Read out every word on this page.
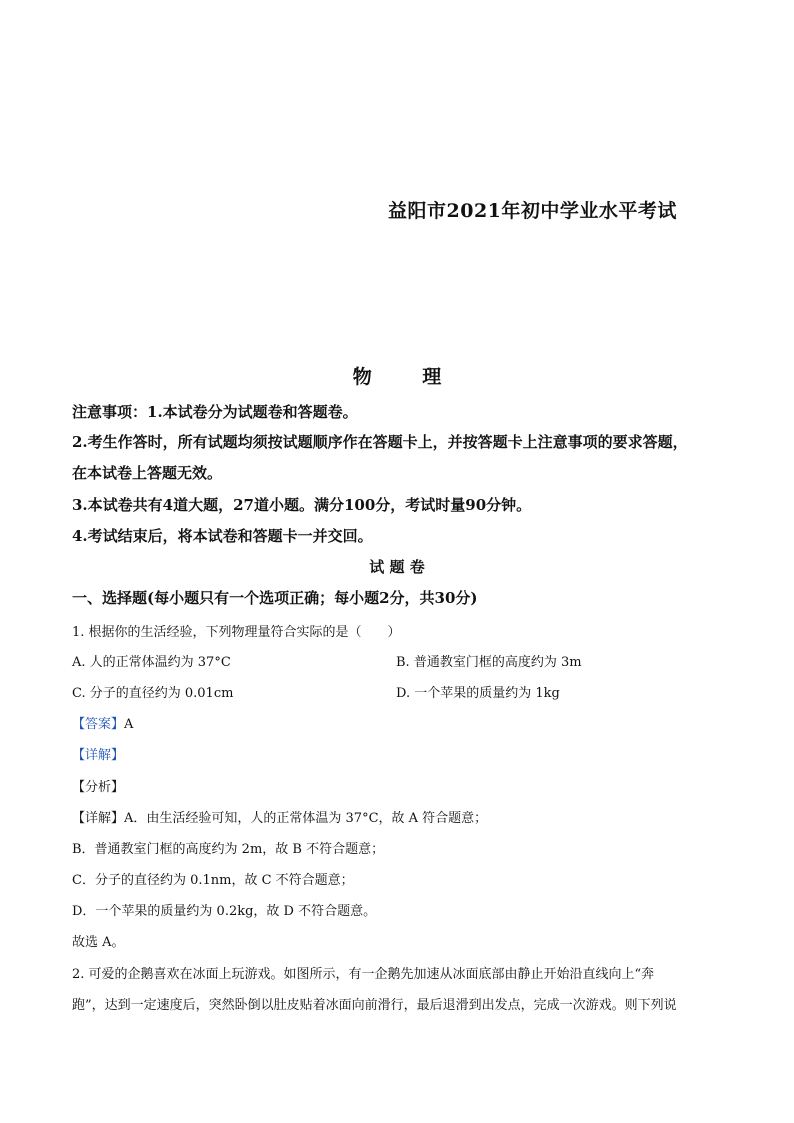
益阳市2021年初中学业水平考试
物 理
注意事项：1.本试卷分为试题卷和答题卷。
2.考生作答时，所有试题均须按试题顺序作在答题卡上，并按答题卡上注意事项的要求答题，
在本试卷上答题无效。
3.本试卷共有4道大题，27道小题。满分100分，考试时量90分钟。
4.考试结束后，将本试卷和答题卡一并交回。
试 题 卷
一、选择题(每小题只有一个选项正确；每小题2分，共30分)
1. 根据你的生活经验，下列物理量符合实际的是（　　）
A. 人的正常体温约为 37°C	B. 普通教室门框的高度约为 3m
C. 分子的直径约为 0.01cm	D. 一个苹果的质量约为 1kg
【答案】A
【详解】
【分析】
【详解】A．由生活经验可知，人的正常体温为 37°C，故 A 符合题意；
B．普通教室门框的高度约为 2m，故 B 不符合题意；
C．分子的直径约为 0.1nm，故 C 不符合题意；
D．一个苹果的质量约为 0.2kg，故 D 不符合题意。
故选 A。
2. 可爱的企鹅喜欢在冰面上玩游戏。如图所示，有一企鹅先加速从冰面底部由静止开始沿直线向上“奔
跑”，达到一定速度后，突然卧倒以肚皮贴着冰面向前滑行，最后退滑到出发点，完成一次游戏。则下列说
